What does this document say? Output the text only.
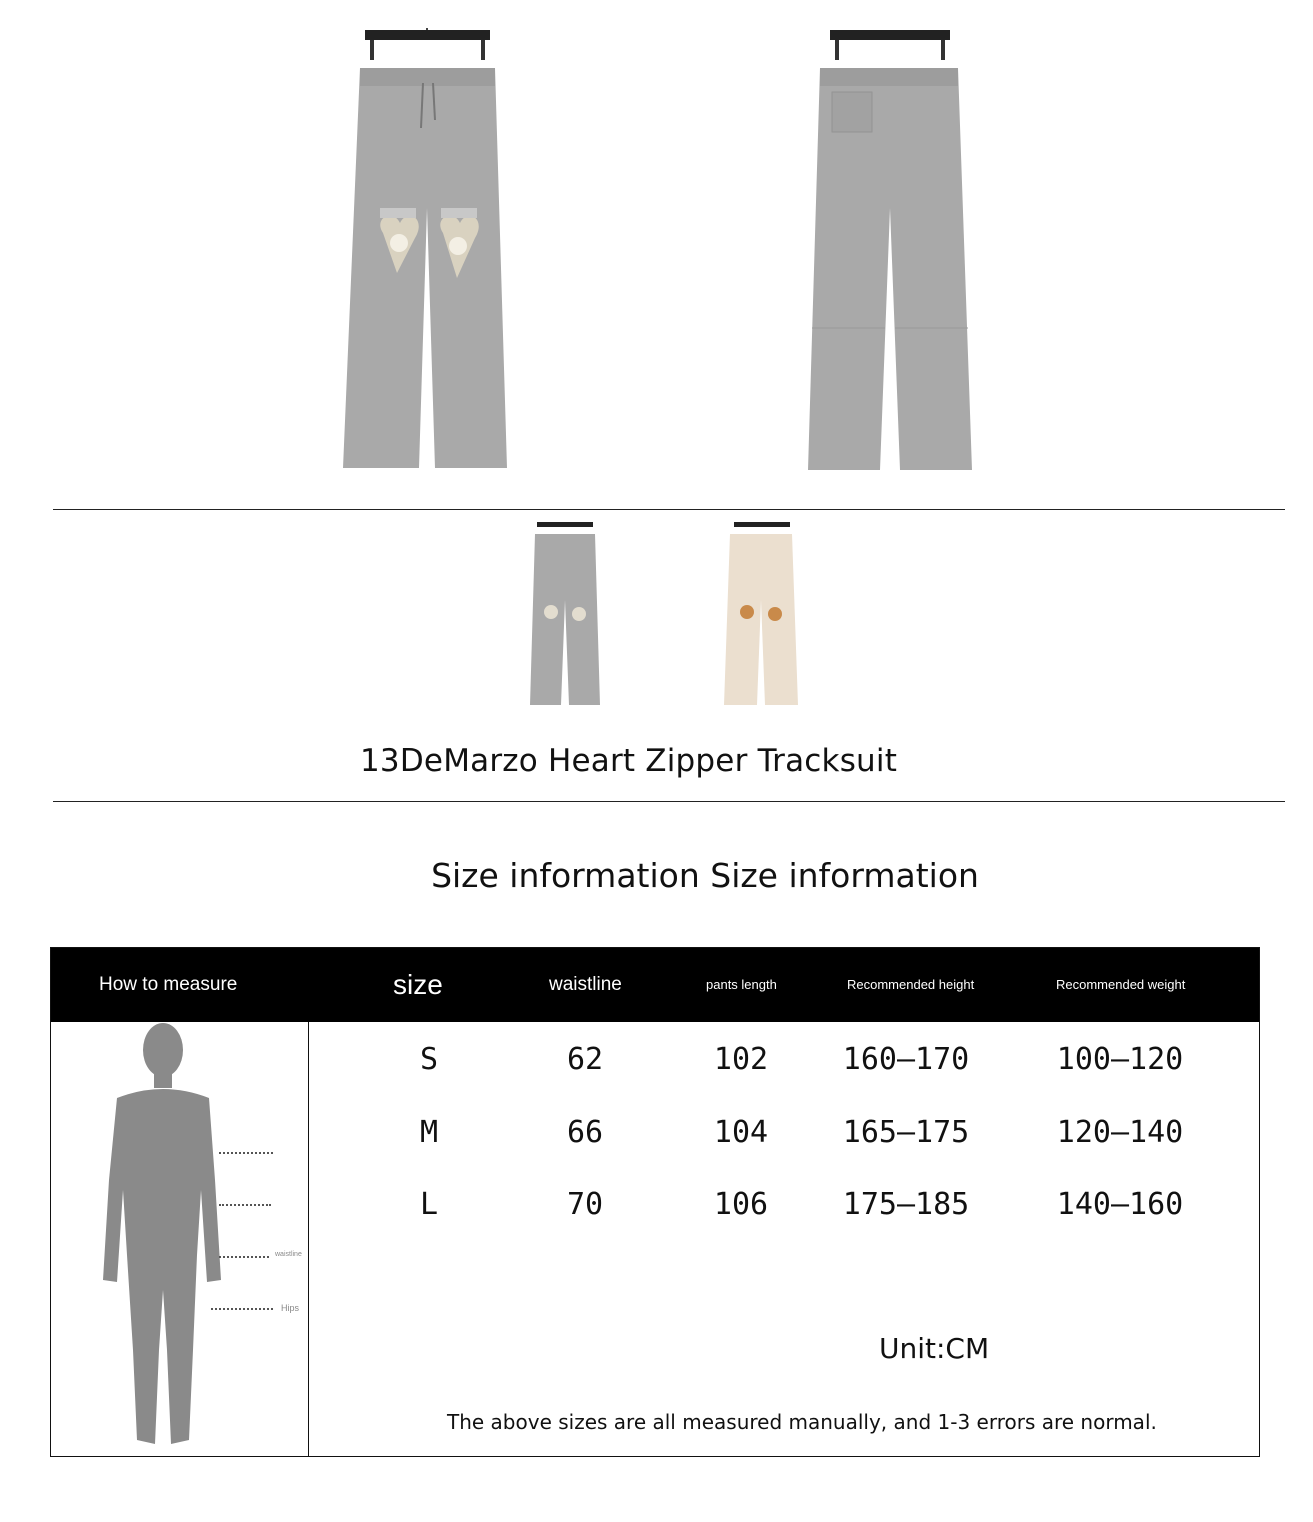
13DeMarzo Heart Zipper Tracksuit
Size information Size information
How to measure	size	waistline	pants length	Recommended height	Recommended weight
waistline
Hips
S	62	102	160–170	100–120
M	66	104	165–175	120–140
L	70	106	175–185	140–160
Unit:CM
The above sizes are all measured manually, and 1-3 errors are normal.
